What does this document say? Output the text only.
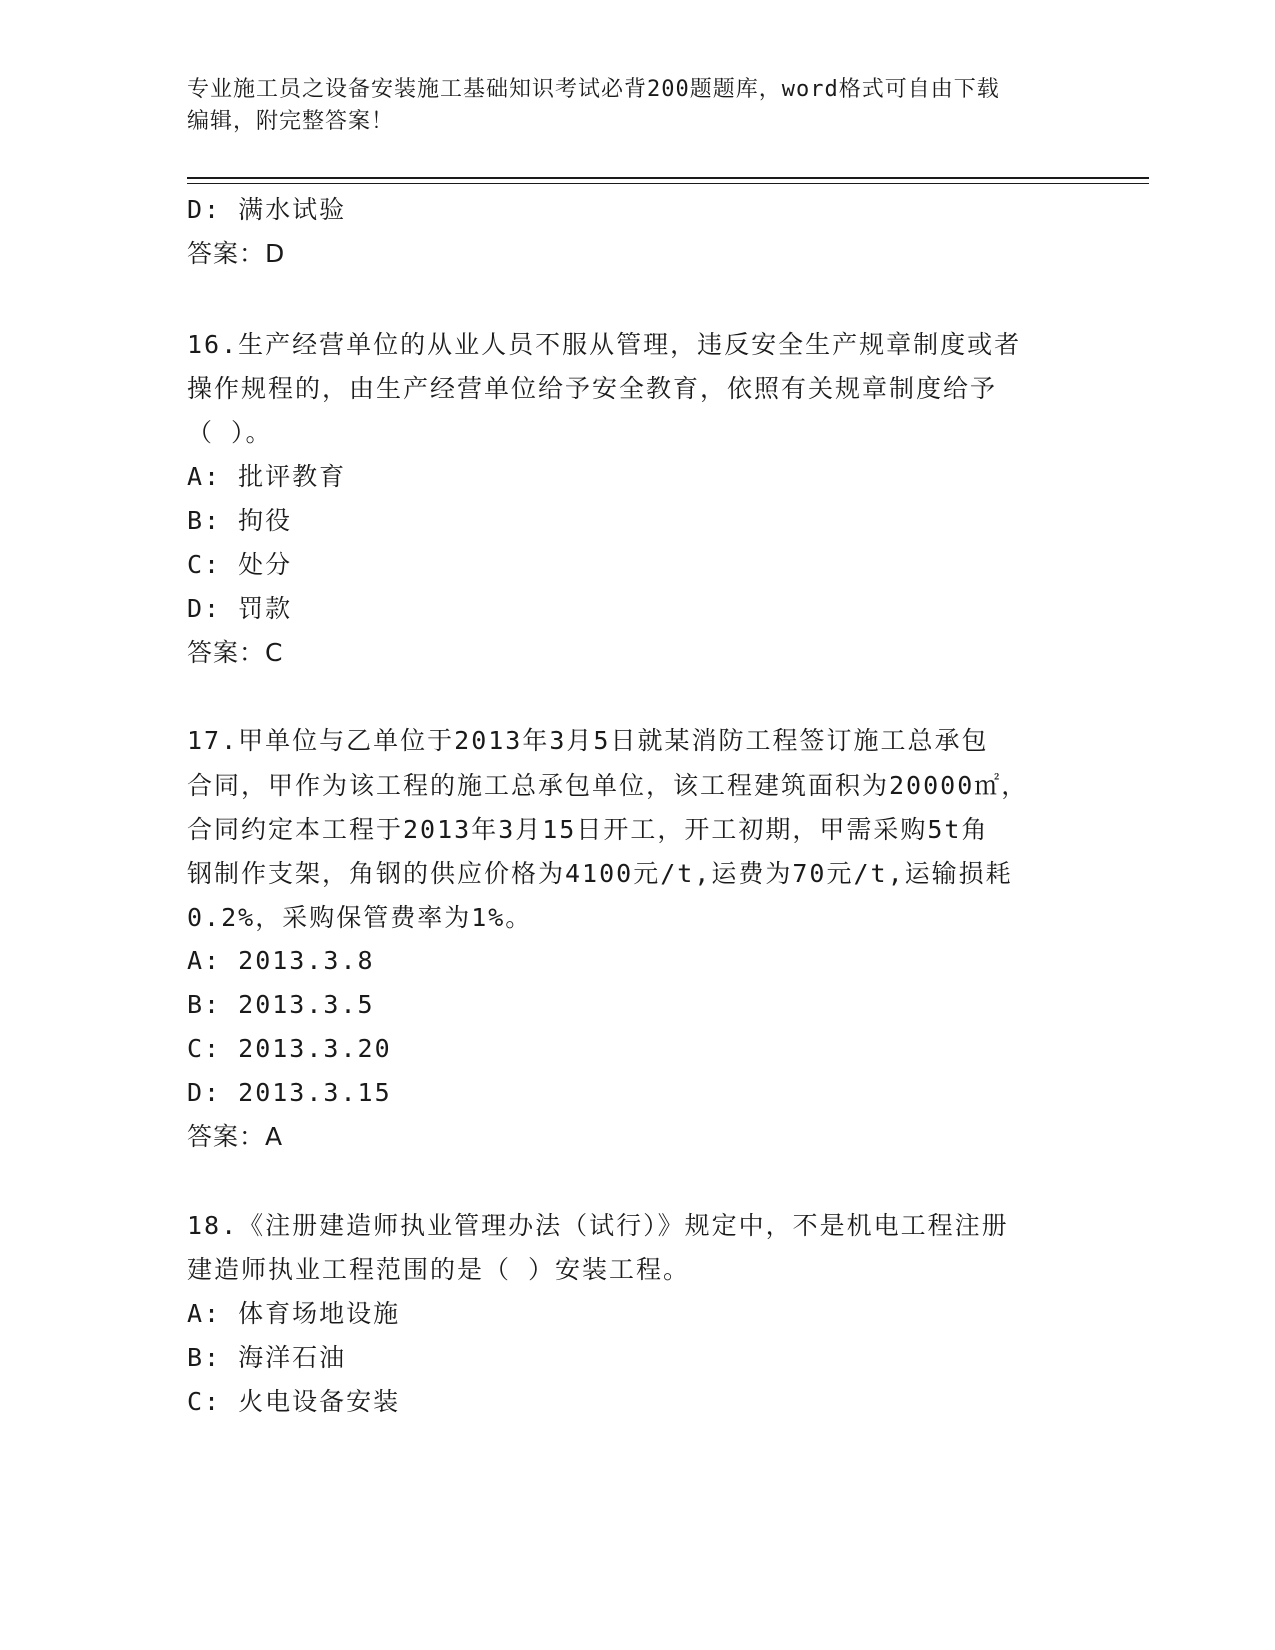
专业施工员之设备安装施工基础知识考试必背200题题库，word格式可自由下载
编辑，附完整答案！
D: 满水试验
答案：D
16.生产经营单位的从业人员不服从管理，违反安全生产规章制度或者
操作规程的，由生产经营单位给予安全教育，依照有关规章制度给予
（ ）。
A: 批评教育
B: 拘役
C: 处分
D: 罚款
答案：C
17.甲单位与乙单位于2013年3月5日就某消防工程签订施工总承包
合同，甲作为该工程的施工总承包单位，该工程建筑面积为20000㎡，
合同约定本工程于2013年3月15日开工，开工初期，甲需采购5t角
钢制作支架，角钢的供应价格为4100元/t,运费为70元/t,运输损耗
0.2%，采购保管费率为1%。
A: 2013.3.8
B: 2013.3.5
C: 2013.3.20
D: 2013.3.15
答案：A
18.《注册建造师执业管理办法（试行）》规定中，不是机电工程注册
建造师执业工程范围的是（ ）安装工程。
A: 体育场地设施
B: 海洋石油
C: 火电设备安装
